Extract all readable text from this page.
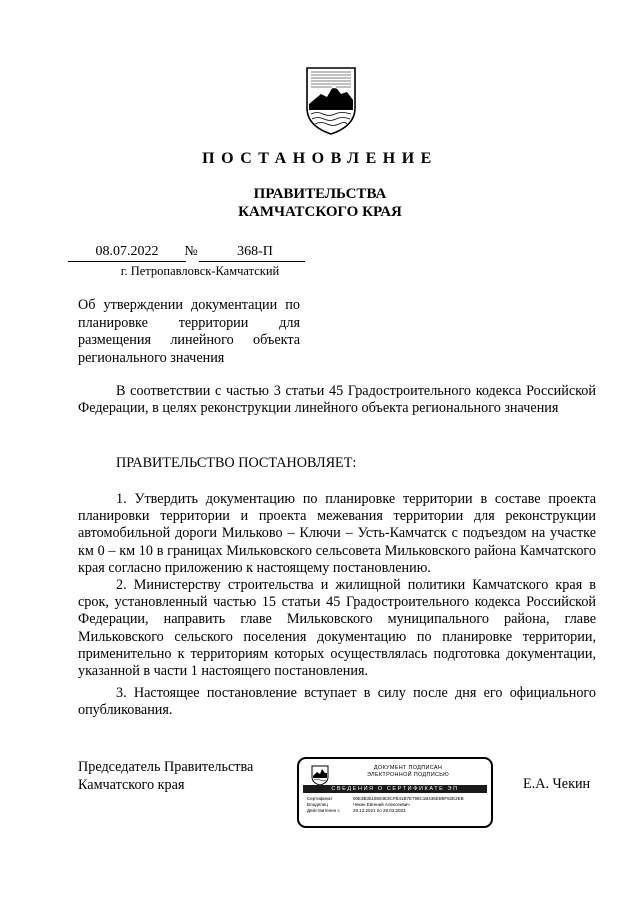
ПОСТАНОВЛЕНИЕ
ПРАВИТЕЛЬСТВА
КАМЧАТСКОГО КРАЯ
08.07.2022	№	368-П
г. Петропавловск-Камчатский
Об утверждении документации по
планировке территории для
размещения линейного объекта
регионального значения
В соответствии с частью 3 статьи 45 Градостроительного кодекса Российской Федерации, в целях реконструкции линейного объекта регионального значения
ПРАВИТЕЛЬСТВО ПОСТАНОВЛЯЕТ:
1. Утвердить документацию по планировке территории в составе проекта планировки территории и проекта межевания территории для реконструкции автомобильной дороги Мильково – Ключи – Усть-Камчатск с подъездом на участке км 0 – км 10 в границах Мильковского сельсовета Мильковского района Камчатского края согласно приложению к настоящему постановлению.
2. Министерству строительства и жилищной политики Камчатского края в срок, установленный частью 15 статьи 45 Градостроительного кодекса Российской Федерации, направить главе Мильковского муниципального района, главе Мильковского сельского поселения документацию по планировке территории, применительно к территориям которых осуществлялась подготовка документации, указанной в части 1 настоящего постановления.
3. Настоящее постановление вступает в силу после дня его официального опубликования.
Председатель Правительства
Камчатского края	Е.А. Чекин
ДОКУМЕНТ ПОДПИСАН
ЭЛЕКТРОННОЙ ПОДПИСЬЮ
СВЕДЕНИЯ О СЕРТИФИКАТЕ ЭП
Сертификат	00E3B3518604E3CFB41B7E796C1B436EB8F52E2EB
Владелец	Чекин Евгений Алексеевич
Действителен с	29.12.2021 по 29.03.2023
